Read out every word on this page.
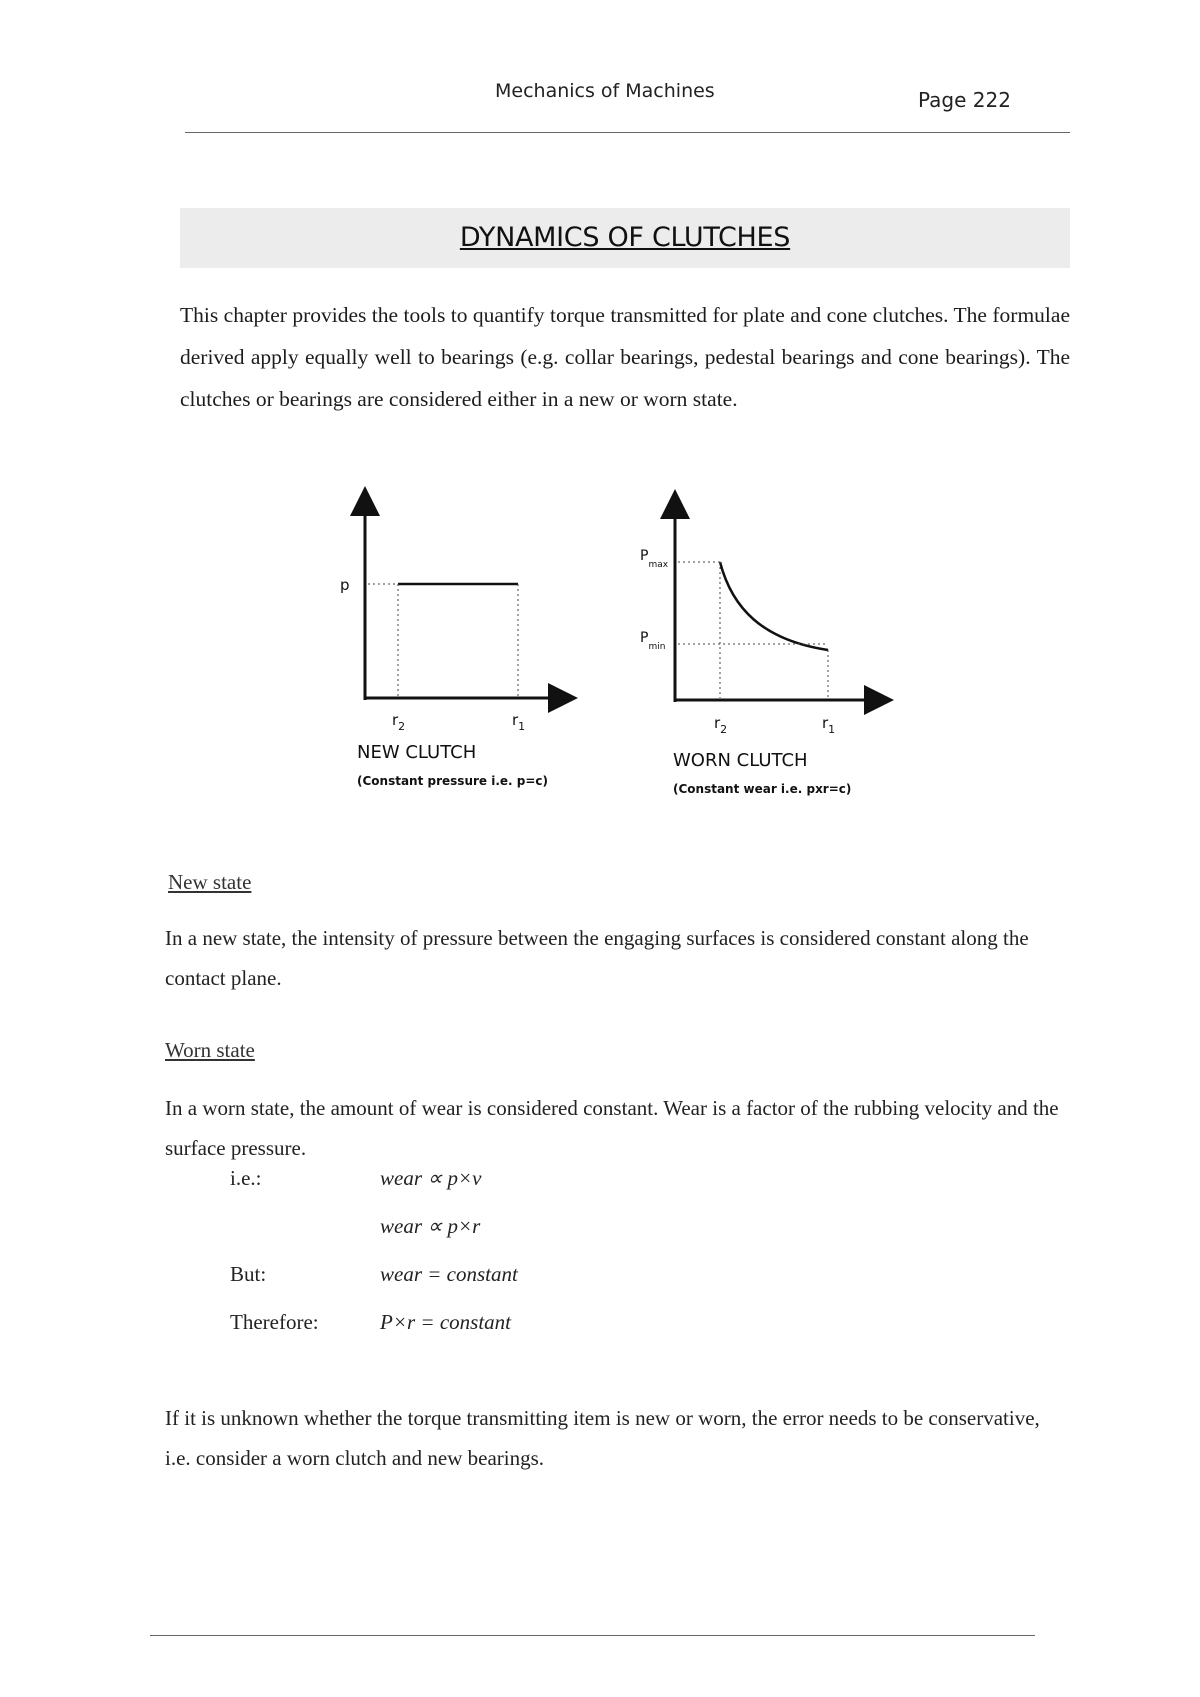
Mechanics of Machines	Page 222
DYNAMICS OF CLUTCHES
This chapter provides the tools to quantify torque transmitted for plate and cone clutches. The formulae derived apply equally well to bearings (e.g. collar bearings, pedestal bearings and cone bearings). The clutches or bearings are considered either in a new or worn state.
p
$r_2$	$r_1$
NEW CLUTCH
(Constant pressure i.e. p=c)
$P_{max}$
$P_{min}$
$r_2$	$r_1$
WORN CLUTCH
(Constant wear i.e. pxr=c)
New state
In a new state, the intensity of pressure between the engaging surfaces is considered constant along the contact plane.
Worn state
In a worn state, the amount of wear is considered constant. Wear is a factor of the rubbing velocity and the surface pressure.
i.e.:	wear ∝ p×v
wear ∝ p×r
But:	wear = constant
Therefore:	P×r = constant
If it is unknown whether the torque transmitting item is new or worn, the error needs to be conservative, i.e. consider a worn clutch and new bearings.
